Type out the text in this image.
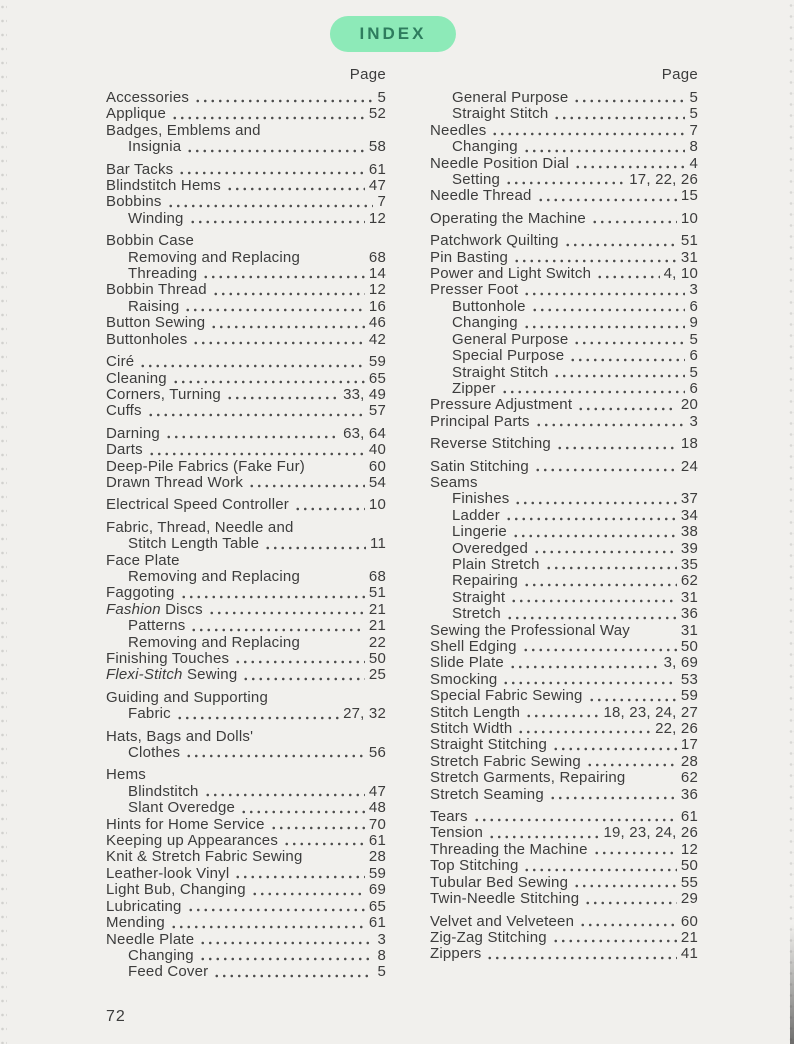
INDEX
Page	Page
Accessories	5
Applique	52
Badges, Emblems and
Insignia	58
Bar Tacks	61
Blindstitch Hems	47
Bobbins	7
Winding	12
Bobbin Case
Removing and Replacing	68
Threading	14
Bobbin Thread	12
Raising	16
Button Sewing	46
Buttonholes	42
Ciré	59
Cleaning	65
Corners, Turning	33, 49
Cuffs	57
Darning	63, 64
Darts	40
Deep-Pile Fabrics (Fake Fur)	60
Drawn Thread Work	54
Electrical Speed Controller	10
Fabric, Thread, Needle and
Stitch Length Table	11
Face Plate
Removing and Replacing	68
Faggoting	51
Fashion Discs	21
Patterns	21
Removing and Replacing	22
Finishing Touches	50
Flexi-Stitch Sewing	25
Guiding and Supporting
Fabric	27, 32
Hats, Bags and Dolls'
Clothes	56
Hems
Blindstitch	47
Slant Overedge	48
Hints for Home Service	70
Keeping up Appearances	61
Knit & Stretch Fabric Sewing	28
Leather-look Vinyl	59
Light Bub, Changing	69
Lubricating	65
Mending	61
Needle Plate	3
Changing	8
Feed Cover	5
General Purpose	5
Straight Stitch	5
Needles	7
Changing	8
Needle Position Dial	4
Setting	17, 22, 26
Needle Thread	15
Operating the Machine	10
Patchwork Quilting	51
Pin Basting	31
Power and Light Switch	4, 10
Presser Foot	3
Buttonhole	6
Changing	9
General Purpose	5
Special Purpose	6
Straight Stitch	5
Zipper	6
Pressure Adjustment	20
Principal Parts	3
Reverse Stitching	18
Satin Stitching	24
Seams
Finishes	37
Ladder	34
Lingerie	38
Overedged	39
Plain Stretch	35
Repairing	62
Straight	31
Stretch	36
Sewing the Professional Way	31
Shell Edging	50
Slide Plate	3, 69
Smocking	53
Special Fabric Sewing	59
Stitch Length	18, 23, 24, 27
Stitch Width	22, 26
Straight Stitching	17
Stretch Fabric Sewing	28
Stretch Garments, Repairing	62
Stretch Seaming	36
Tears	61
Tension	19, 23, 24, 26
Threading the Machine	12
Top Stitching	50
Tubular Bed Sewing	55
Twin-Needle Stitching	29
Velvet and Velveteen	60
Zig-Zag Stitching	21
Zippers	41
72
